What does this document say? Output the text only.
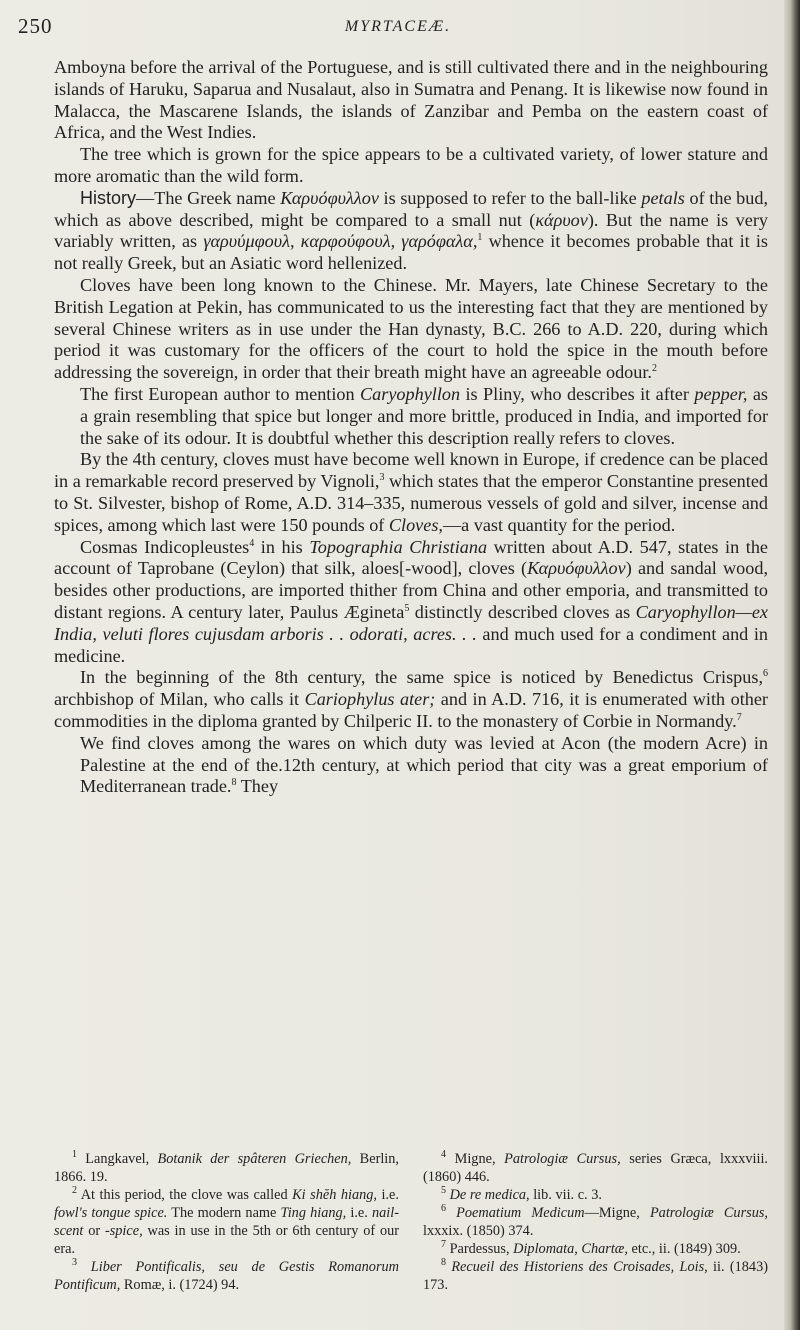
250	MYRTACEÆ.

Amboyna before the arrival of the Portuguese, and is still cultivated there and in the neighbouring islands of Haruku, Saparua and Nusalaut, also in Sumatra and Penang. It is likewise now found in Malacca, the Mascarene Islands, the islands of Zanzibar and Pemba on the eastern coast of Africa, and the West Indies.

The tree which is grown for the spice appears to be a cultivated variety, of lower stature and more aromatic than the wild form.

History—The Greek name Καρυόφυλλον is supposed to refer to the ball-like petals of the bud, which as above described, might be compared to a small nut (κάρυον). But the name is very variably written, as γαρυύμφουλ, καρφούφουλ, γαρόφαλα,$^1$ whence it becomes probable that it is not really Greek, but an Asiatic word hellenized.

Cloves have been long known to the Chinese. Mr. Mayers, late Chinese Secretary to the British Legation at Pekin, has communicated to us the interesting fact that they are mentioned by several Chinese writers as in use under the Han dynasty, B.C. 266 to A.D. 220, during which period it was customary for the officers of the court to hold the spice in the mouth before addressing the sovereign, in order that their breath might have an agreeable odour.$^2$

The first European author to mention Caryophyllon is Pliny, who describes it after pepper, as a grain resembling that spice but longer and more brittle, produced in India, and imported for the sake of its odour. It is doubtful whether this description really refers to cloves.

By the 4th century, cloves must have become well known in Europe, if credence can be placed in a remarkable record preserved by Vignoli,$^3$ which states that the emperor Constantine presented to St. Silvester, bishop of Rome, A.D. 314–335, numerous vessels of gold and silver, incense and spices, among which last were 150 pounds of Cloves,—a vast quantity for the period.

Cosmas Indicopleustes$^4$ in his Topographia Christiana written about A.D. 547, states in the account of Taprobane (Ceylon) that silk, aloes[-wood], cloves (Καρυόφυλλον) and sandal wood, besides other productions, are imported thither from China and other emporia, and transmitted to distant regions. A century later, Paulus Ægineta$^5$ distinctly described cloves as Caryophyllon—ex India, veluti flores cujusdam arboris . . odorati, acres. . . and much used for a condiment and in medicine.

In the beginning of the 8th century, the same spice is noticed by Benedictus Crispus,$^6$ archbishop of Milan, who calls it Cariophylus ater; and in A.D. 716, it is enumerated with other commodities in the diploma granted by Chilperic II. to the monastery of Corbie in Normandy.$^7$

We find cloves among the wares on which duty was levied at Acon (the modern Acre) in Palestine at the end of the.12th century, at which period that city was a great emporium of Mediterranean trade.$^8$ They

$^1$ Langkavel, Botanik der spâteren Griechen, Berlin, 1866. 19.

$^2$ At this period, the clove was called Ki shĕh hiang, i.e. fowl's tongue spice. The modern name Ting hiang, i.e. nail-scent or -spice, was in use in the 5th or 6th century of our era.

$^3$ Liber Pontificalis, seu de Gestis Romanorum Pontificum, Romæ, i. (1724) 94.

$^4$ Migne, Patrologiæ Cursus, series Græca, lxxxviii. (1860) 446.

$^5$ De re medica, lib. vii. c. 3.

$^6$ Poematium Medicum—Migne, Patrologiæ Cursus, lxxxix. (1850) 374.

$^7$ Pardessus, Diplomata, Chartæ, etc., ii. (1849) 309.

$^8$ Recueil des Historiens des Croisades, Lois, ii. (1843) 173.
